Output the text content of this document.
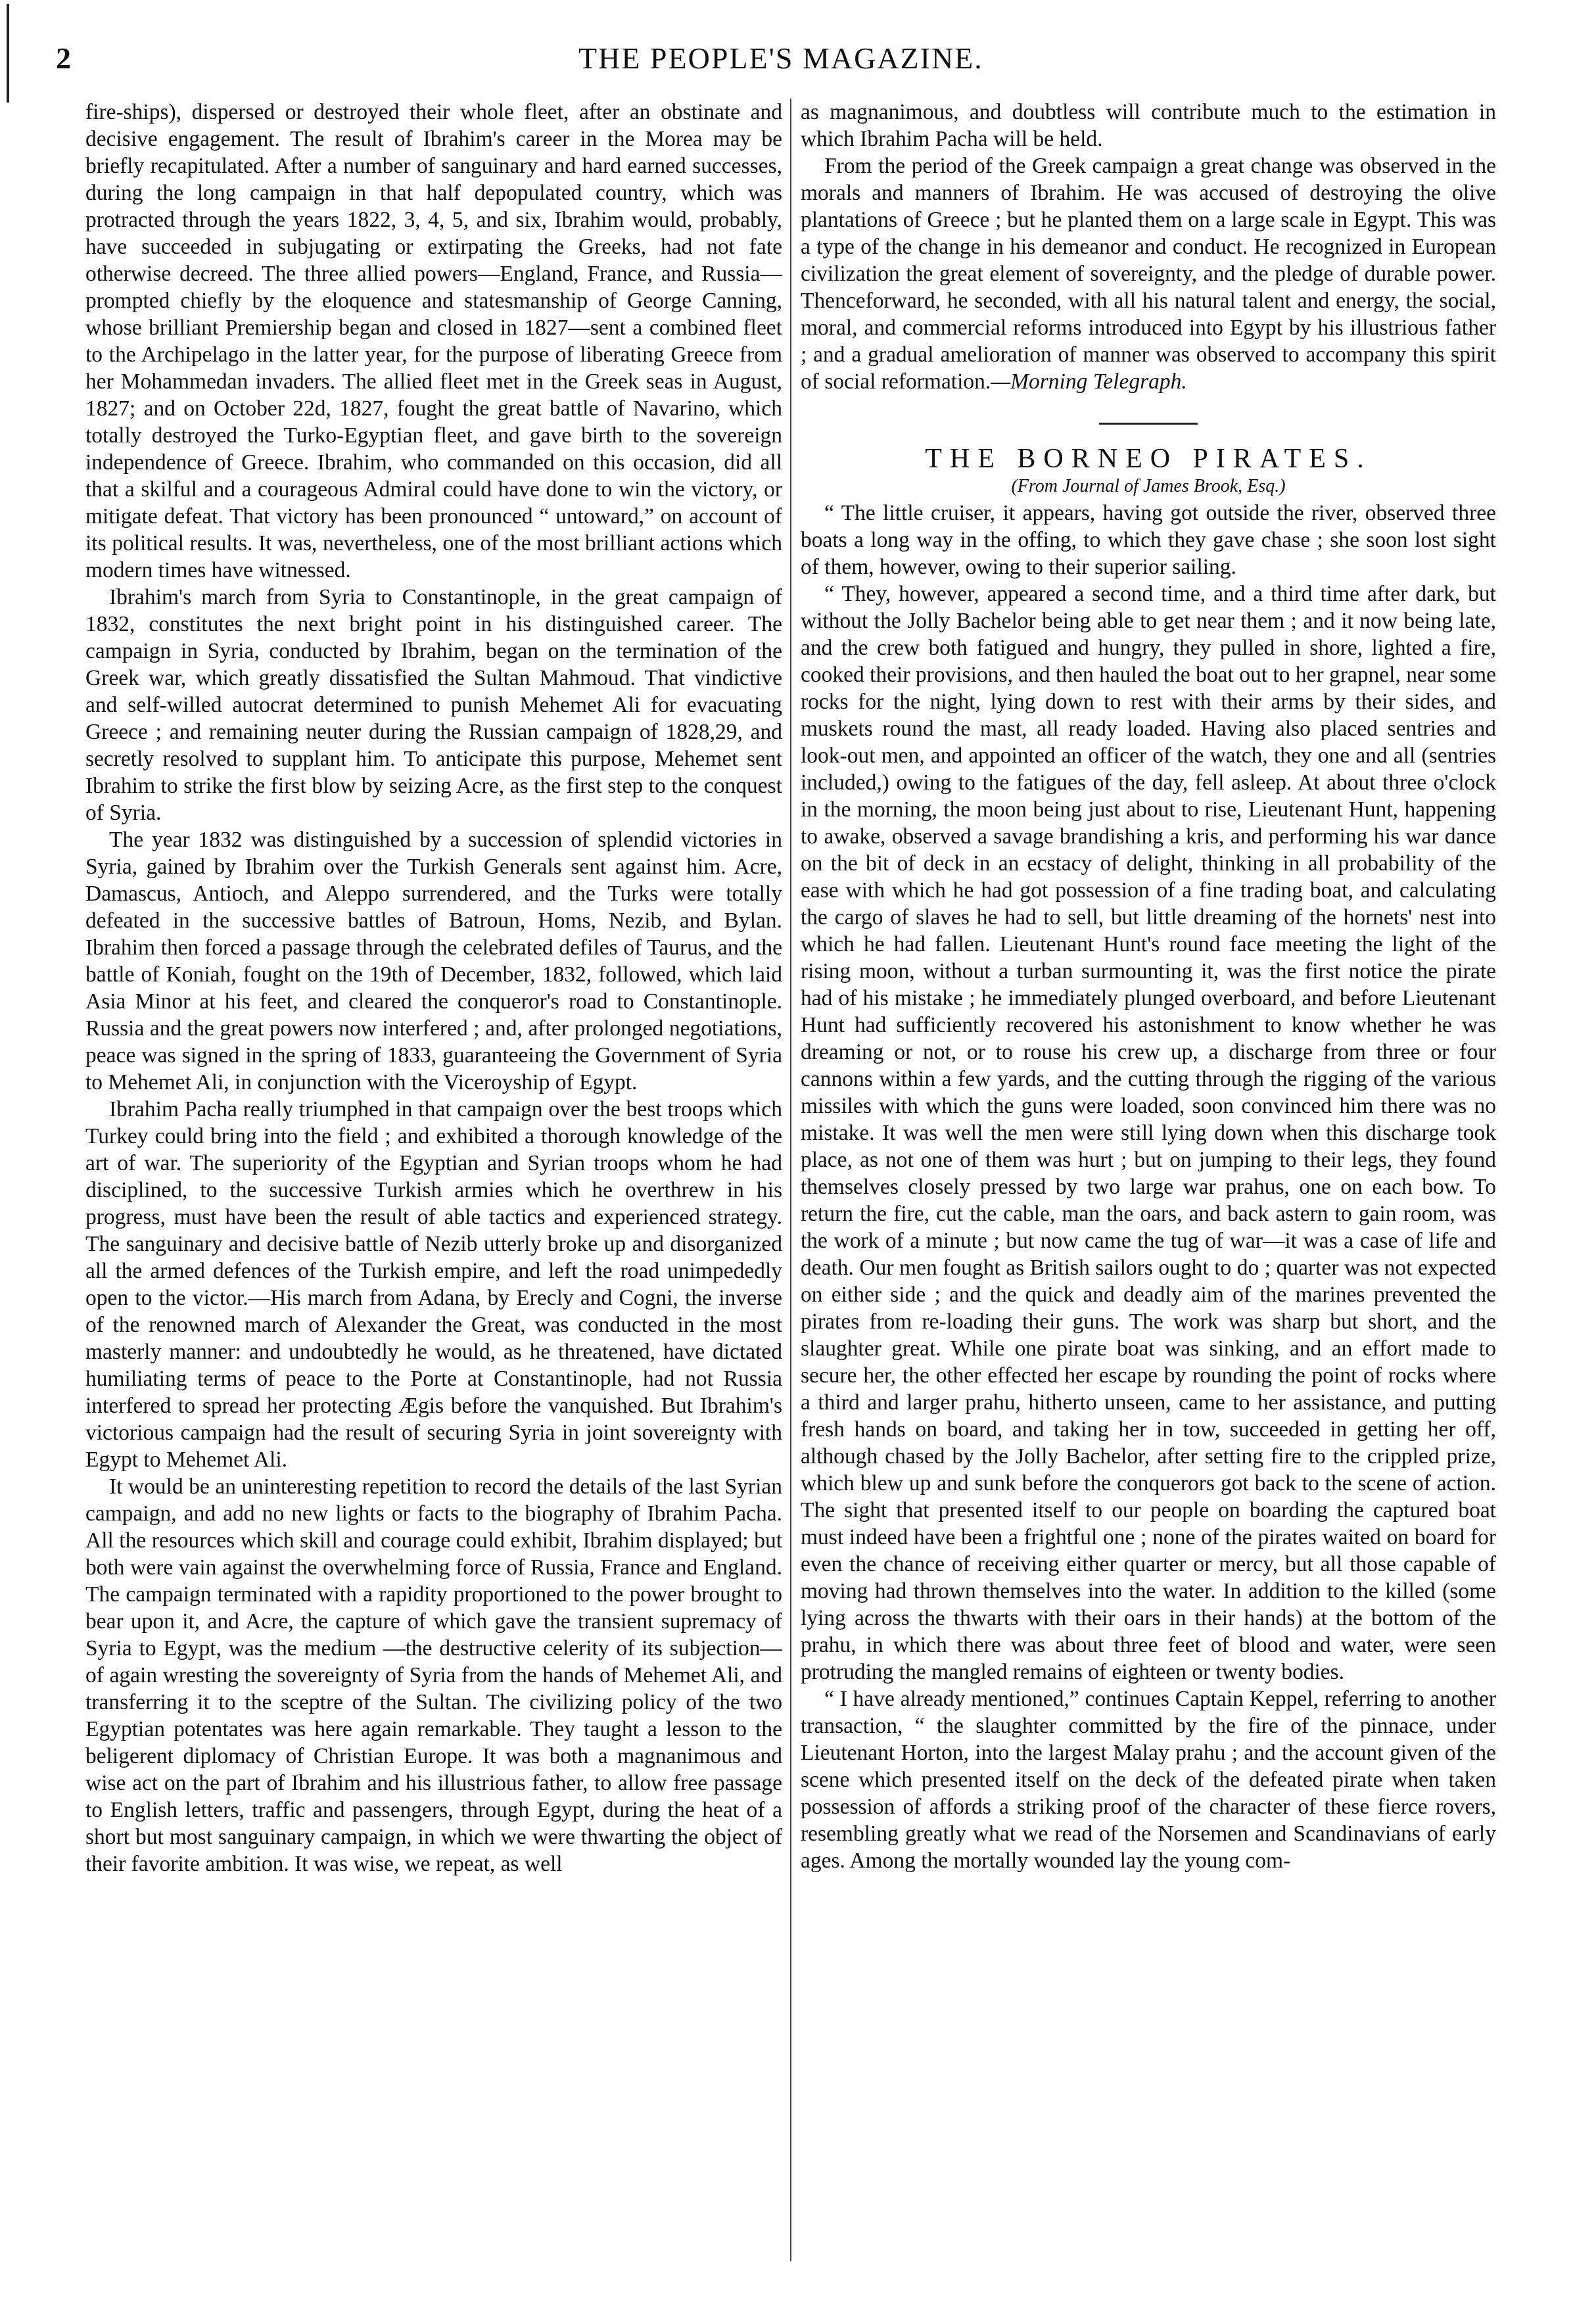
2	THE PEOPLE'S MAGAZINE.

fire-ships), dispersed or destroyed their whole fleet, after an obstinate and decisive engagement. The result of Ibrahim's career in the Morea may be briefly recapitulated. After a number of sanguinary and hard earned successes, during the long campaign in that half depopulated country, which was protracted through the years 1822, 3, 4, 5, and six, Ibrahim would, probably, have succeeded in subjugating or extirpating the Greeks, had not fate otherwise decreed. The three allied powers—England, France, and Russia—prompted chiefly by the eloquence and statesmanship of George Canning, whose brilliant Premiership began and closed in 1827—sent a combined fleet to the Archipelago in the latter year, for the purpose of liberating Greece from her Mohammedan invaders. The allied fleet met in the Greek seas in August, 1827; and on October 22d, 1827, fought the great battle of Navarino, which totally destroyed the Turko-Egyptian fleet, and gave birth to the sovereign independence of Greece. Ibrahim, who commanded on this occasion, did all that a skilful and a courageous Admiral could have done to win the victory, or mitigate defeat. That victory has been pronounced “ untoward,” on account of its political results. It was, nevertheless, one of the most brilliant actions which modern times have witnessed.

Ibrahim's march from Syria to Constantinople, in the great campaign of 1832, constitutes the next bright point in his distinguished career. The campaign in Syria, conducted by Ibrahim, began on the termination of the Greek war, which greatly dissatisfied the Sultan Mahmoud. That vindictive and self-willed autocrat determined to punish Mehemet Ali for evacuating Greece ; and remaining neuter during the Russian campaign of 1828,29, and secretly resolved to supplant him. To anticipate this purpose, Mehemet sent Ibrahim to strike the first blow by seizing Acre, as the first step to the conquest of Syria.

The year 1832 was distinguished by a succession of splendid victories in Syria, gained by Ibrahim over the Turkish Generals sent against him. Acre, Damascus, Antioch, and Aleppo surrendered, and the Turks were totally defeated in the successive battles of Batroun, Homs, Nezib, and Bylan. Ibrahim then forced a passage through the celebrated defiles of Taurus, and the battle of Koniah, fought on the 19th of December, 1832, followed, which laid Asia Minor at his feet, and cleared the conqueror's road to Constantinople. Russia and the great powers now interfered ; and, after prolonged negotiations, peace was signed in the spring of 1833, guaranteeing the Government of Syria to Mehemet Ali, in conjunction with the Viceroyship of Egypt.

Ibrahim Pacha really triumphed in that campaign over the best troops which Turkey could bring into the field ; and exhibited a thorough knowledge of the art of war. The superiority of the Egyptian and Syrian troops whom he had disciplined, to the successive Turkish armies which he overthrew in his progress, must have been the result of able tactics and experienced strategy. The sanguinary and decisive battle of Nezib utterly broke up and disorganized all the armed defences of the Turkish empire, and left the road unimpededly open to the victor.—His march from Adana, by Erecly and Cogni, the inverse of the renowned march of Alexander the Great, was conducted in the most masterly manner: and undoubtedly he would, as he threatened, have dictated humiliating terms of peace to the Porte at Constantinople, had not Russia interfered to spread her protecting Ægis before the vanquished. But Ibrahim's victorious campaign had the result of securing Syria in joint sovereignty with Egypt to Mehemet Ali.

It would be an uninteresting repetition to record the details of the last Syrian campaign, and add no new lights or facts to the biography of Ibrahim Pacha. All the resources which skill and courage could exhibit, Ibrahim displayed; but both were vain against the overwhelming force of Russia, France and England. The campaign terminated with a rapidity proportioned to the power brought to bear upon it, and Acre, the capture of which gave the transient supremacy of Syria to Egypt, was the medium —the destructive celerity of its subjection—of again wresting the sovereignty of Syria from the hands of Mehemet Ali, and transferring it to the sceptre of the Sultan. The civilizing policy of the two Egyptian potentates was here again remarkable. They taught a lesson to the beligerent diplomacy of Christian Europe. It was both a magnanimous and wise act on the part of Ibrahim and his illustrious father, to allow free passage to English letters, traffic and passengers, through Egypt, during the heat of a short but most sanguinary campaign, in which we were thwarting the object of their favorite ambition. It was wise, we repeat, as well

as magnanimous, and doubtless will contribute much to the estimation in which Ibrahim Pacha will be held.

From the period of the Greek campaign a great change was observed in the morals and manners of Ibrahim. He was accused of destroying the olive plantations of Greece ; but he planted them on a large scale in Egypt. This was a type of the change in his demeanor and conduct. He recognized in European civilization the great element of sovereignty, and the pledge of durable power. Thenceforward, he seconded, with all his natural talent and energy, the social, moral, and commercial reforms introduced into Egypt by his illustrious father ; and a gradual amelioration of manner was observed to accompany this spirit of social reformation.—Morning Telegraph.

THE BORNEO PIRATES.

(From Journal of James Brook, Esq.)

“ The little cruiser, it appears, having got outside the river, observed three boats a long way in the offing, to which they gave chase ; she soon lost sight of them, however, owing to their superior sailing.

“ They, however, appeared a second time, and a third time after dark, but without the Jolly Bachelor being able to get near them ; and it now being late, and the crew both fatigued and hungry, they pulled in shore, lighted a fire, cooked their provisions, and then hauled the boat out to her grapnel, near some rocks for the night, lying down to rest with their arms by their sides, and muskets round the mast, all ready loaded. Having also placed sentries and look-out men, and appointed an officer of the watch, they one and all (sentries included,) owing to the fatigues of the day, fell asleep. At about three o'clock in the morning, the moon being just about to rise, Lieutenant Hunt, happening to awake, observed a savage brandishing a kris, and performing his war dance on the bit of deck in an ecstacy of delight, thinking in all probability of the ease with which he had got possession of a fine trading boat, and calculating the cargo of slaves he had to sell, but little dreaming of the hornets' nest into which he had fallen. Lieutenant Hunt's round face meeting the light of the rising moon, without a turban surmounting it, was the first notice the pirate had of his mistake ; he immediately plunged overboard, and before Lieutenant Hunt had sufficiently recovered his astonishment to know whether he was dreaming or not, or to rouse his crew up, a discharge from three or four cannons within a few yards, and the cutting through the rigging of the various missiles with which the guns were loaded, soon convinced him there was no mistake. It was well the men were still lying down when this discharge took place, as not one of them was hurt ; but on jumping to their legs, they found themselves closely pressed by two large war prahus, one on each bow. To return the fire, cut the cable, man the oars, and back astern to gain room, was the work of a minute ; but now came the tug of war—it was a case of life and death. Our men fought as British sailors ought to do ; quarter was not expected on either side ; and the quick and deadly aim of the marines prevented the pirates from re-loading their guns. The work was sharp but short, and the slaughter great. While one pirate boat was sinking, and an effort made to secure her, the other effected her escape by rounding the point of rocks where a third and larger prahu, hitherto unseen, came to her assistance, and putting fresh hands on board, and taking her in tow, succeeded in getting her off, although chased by the Jolly Bachelor, after setting fire to the crippled prize, which blew up and sunk before the conquerors got back to the scene of action. The sight that presented itself to our people on boarding the captured boat must indeed have been a frightful one ; none of the pirates waited on board for even the chance of receiving either quarter or mercy, but all those capable of moving had thrown themselves into the water. In addition to the killed (some lying across the thwarts with their oars in their hands) at the bottom of the prahu, in which there was about three feet of blood and water, were seen protruding the mangled remains of eighteen or twenty bodies.

“ I have already mentioned,” continues Captain Keppel, referring to another transaction, “ the slaughter committed by the fire of the pinnace, under Lieutenant Horton, into the largest Malay prahu ; and the account given of the scene which presented itself on the deck of the defeated pirate when taken possession of affords a striking proof of the character of these fierce rovers, resembling greatly what we read of the Norsemen and Scandinavians of early ages. Among the mortally wounded lay the young com-
